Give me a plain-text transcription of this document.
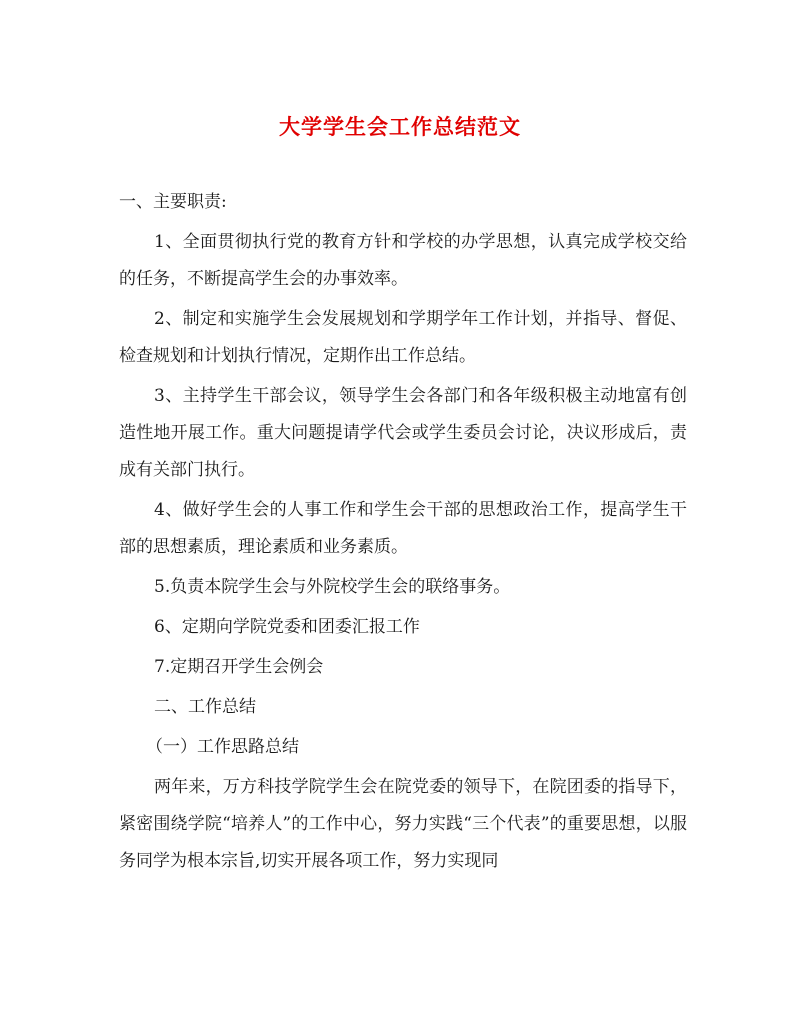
大学学生会工作总结范文

一、主要职责:

1、全面贯彻执行党的教育方针和学校的办学思想，认真完成学校交给的任务，不断提高学生会的办事效率。

2、制定和实施学生会发展规划和学期学年工作计划，并指导、督促、检查规划和计划执行情况，定期作出工作总结。

3、主持学生干部会议，领导学生会各部门和各年级积极主动地富有创造性地开展工作。重大问题提请学代会或学生委员会讨论，决议形成后，责成有关部门执行。

4、做好学生会的人事工作和学生会干部的思想政治工作，提高学生干部的思想素质，理论素质和业务素质。

5.负责本院学生会与外院校学生会的联络事务。

6、定期向学院党委和团委汇报工作

7.定期召开学生会例会

二、工作总结

（一）工作思路总结

两年来，万方科技学院学生会在院党委的领导下，在院团委的指导下，紧密围绕学院“培养人”的工作中心，努力实践“三个代表”的重要思想，以服务同学为根本宗旨,切实开展各项工作，努力实现同
